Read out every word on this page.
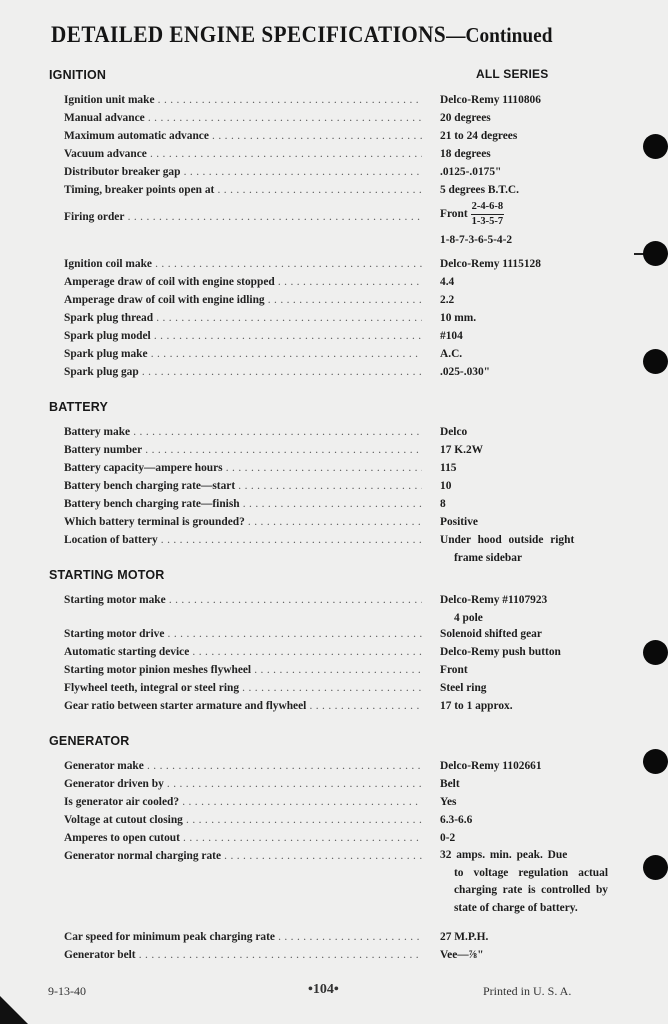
DETAILED ENGINE SPECIFICATIONS—Continued
IGNITION	ALL SERIES
Ignition unit make . . .	Delco-Remy 1110806
Manual advance . . .	20 degrees
Maximum automatic advance . . .	21 to 24 degrees
Vacuum advance . . .	18 degrees
Distributor breaker gap . . .	.0125-.0175"
Timing, breaker points open at . . .	5 degrees B.T.C.
Firing order . . .	Front $\frac{2-4-6-8}{1-3-5-7}$
1-8-7-3-6-5-4-2
Ignition coil make . . .	Delco-Remy 1115128
Amperage draw of coil with engine stopped . . .	4.4
Amperage draw of coil with engine idling . . .	2.2
Spark plug thread . . .	10 mm.
Spark plug model . . .	#104
Spark plug make . . .	A.C.
Spark plug gap . . .	.025-.030"
BATTERY
Battery make . . .	Delco
Battery number . . .	17 K.2W
Battery capacity—ampere hours . . .	115
Battery bench charging rate—start . . .	10
Battery bench charging rate—finish . . .	8
Which battery terminal is grounded? . . .	Positive
Location of battery . . .	Under hood outside right
frame sidebar
STARTING MOTOR
Starting motor make . . .	Delco-Remy #1107923
4 pole
Starting motor drive . . .	Solenoid shifted gear
Automatic starting device . . .	Delco-Remy push button
Starting motor pinion meshes flywheel . . .	Front
Flywheel teeth, integral or steel ring . . .	Steel ring
Gear ratio between starter armature and flywheel . . .	17 to 1 approx.
GENERATOR
Generator make . . .	Delco-Remy 1102661
Generator driven by . . .	Belt
Is generator air cooled? . . .	Yes
Voltage at cutout closing . . .	6.3-6.6
Amperes to open cutout . . .	0-2
Generator normal charging rate . . .	32 amps. min. peak. Due
to voltage regulation actual charging rate is controlled by state of charge of battery.
Car speed for minimum peak charging rate . . .	27 M.P.H.
Generator belt . . .	Vee—⅞"
9-13-40	•104•	Printed in U. S. A.
